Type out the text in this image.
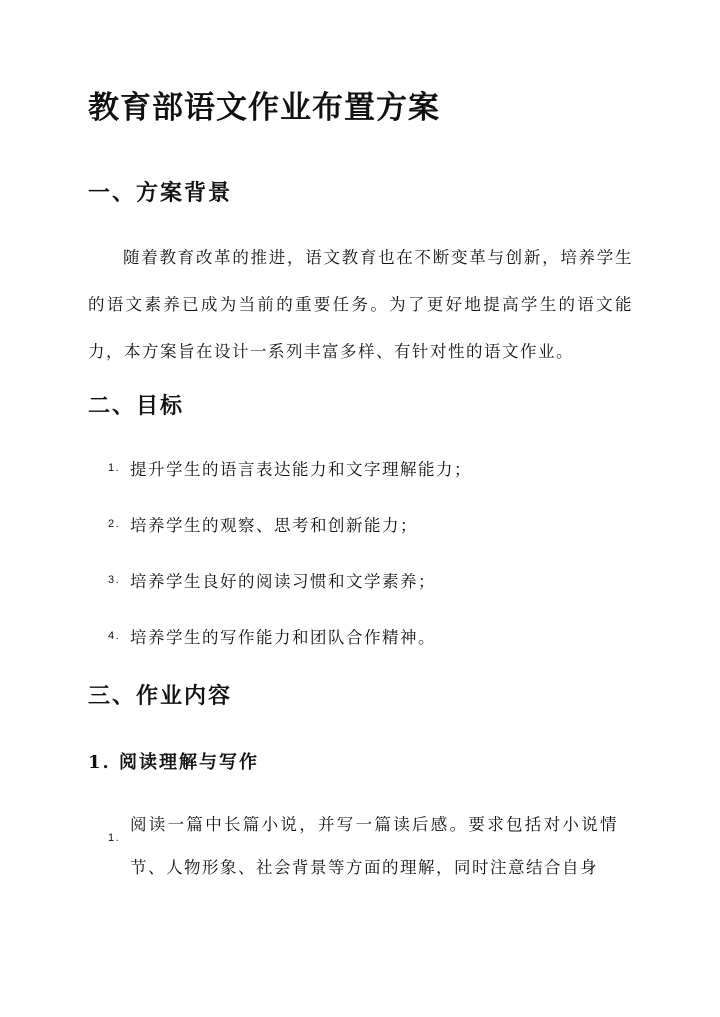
教育部语文作业布置方案
一、方案背景

随着教育改革的推进，语文教育也在不断变革与创新，培养学生的语文素养已成为当前的重要任务。为了更好地提高学生的语文能力，本方案旨在设计一系列丰富多样、有针对性的语文作业。

二、目标
1. 提升学生的语言表达能力和文字理解能力；
2. 培养学生的观察、思考和创新能力；
3. 培养学生良好的阅读习惯和文学素养；
4. 培养学生的写作能力和团队合作精神。
三、作业内容
1. 阅读理解与写作
1.
阅读一篇中长篇小说，并写一篇读后感。要求包括对小说情节、人物形象、社会背景等方面的理解，同时注意结合自身
